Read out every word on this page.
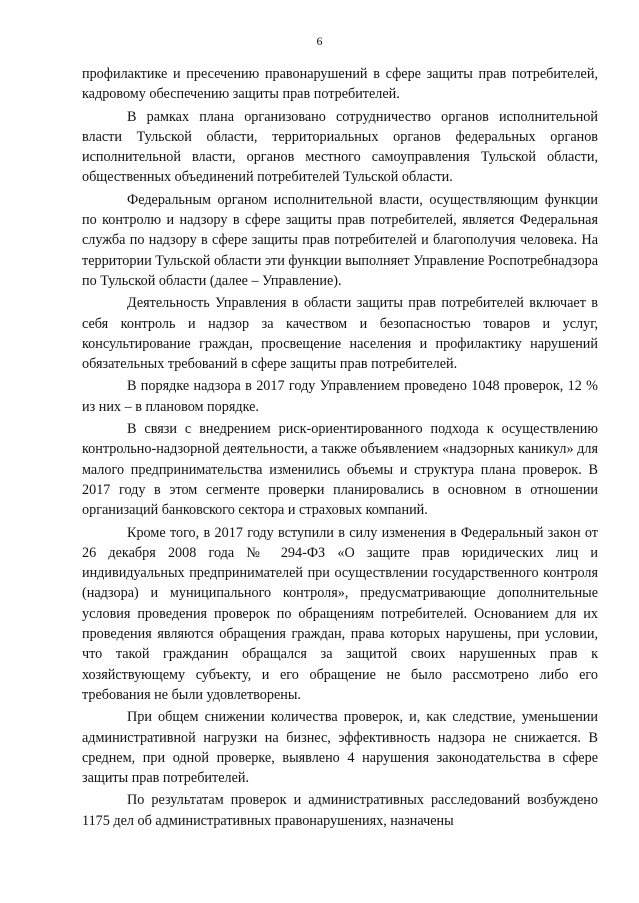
6

профилактике и пресечению правонарушений в сфере защиты прав потребителей, кадровому обеспечению защиты прав потребителей.

В рамках плана организовано сотрудничество органов исполнительной власти Тульской области, территориальных органов федеральных органов исполнительной власти, органов местного самоуправления Тульской области, общественных объединений потребителей Тульской области.

Федеральным органом исполнительной власти, осуществляющим функции по контролю и надзору в сфере защиты прав потребителей, является Федеральная служба по надзору в сфере защиты прав потребителей и благополучия человека. На территории Тульской области эти функции выполняет Управление Роспотребнадзора по Тульской области (далее – Управление).

Деятельность Управления в области защиты прав потребителей включает в себя контроль и надзор за качеством и безопасностью товаров и услуг, консультирование граждан, просвещение населения и профилактику нарушений обязательных требований в сфере защиты прав потребителей.

В порядке надзора в 2017 году Управлением проведено 1048 проверок, 12 % из них – в плановом порядке.

В связи с внедрением риск-ориентированного подхода к осуществлению контрольно-надзорной деятельности, а также объявлением «надзорных каникул» для малого предпринимательства изменились объемы и структура плана проверок. В 2017 году в этом сегменте проверки планировались в основном в отношении организаций банковского сектора и страховых компаний.

Кроме того, в 2017 году вступили в силу изменения в Федеральный закон от 26 декабря 2008 года № 294-ФЗ «О защите прав юридических лиц и индивидуальных предпринимателей при осуществлении государственного контроля (надзора) и муниципального контроля», предусматривающие дополнительные условия проведения проверок по обращениям потребителей. Основанием для их проведения являются обращения граждан, права которых нарушены, при условии, что такой гражданин обращался за защитой своих нарушенных прав к хозяйствующему субъекту, и его обращение не было рассмотрено либо его требования не были удовлетворены.

При общем снижении количества проверок, и, как следствие, уменьшении административной нагрузки на бизнес, эффективность надзора не снижается. В среднем, при одной проверке, выявлено 4 нарушения законодательства в сфере защиты прав потребителей.

По результатам проверок и административных расследований возбуждено 1175 дел об административных правонарушениях, назначены
